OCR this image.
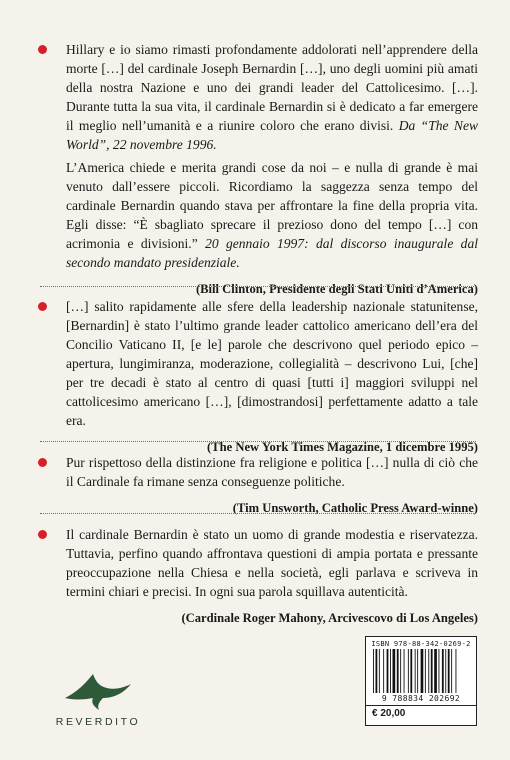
Hillary e io siamo rimasti profondamente addolorati nell’apprendere della morte […] del cardinale Joseph Bernardin […], uno degli uomini più amati della nostra Nazione e uno dei grandi leader del Cattolicesimo. […]. Durante tutta la sua vita, il cardinale Bernardin si è dedicato a far emergere il meglio nell’umanità e a riunire coloro che erano divisi. Da “The New World”, 22 novembre 1996.

L’America chiede e merita grandi cose da noi – e nulla di grande è mai venuto dall’essere piccoli. Ricordiamo la saggezza senza tempo del cardinale Bernardin quando stava per affrontare la fine della propria vita. Egli disse: “È sbagliato sprecare il prezioso dono del tempo […] con acrimonia e divisioni.” 20 gennaio 1997: dal discorso inaugurale dal secondo mandato presidenziale.

(Bill Clinton, Presidente degli Stati Uniti d’America)

[…] salito rapidamente alle sfere della leadership nazionale statunitense, [Bernardin] è stato l’ultimo grande leader cattolico americano dell’era del Concilio Vaticano II, [e le] parole che descrivono quel periodo epico – apertura, lungimiranza, moderazione, collegialità – descrivono Lui, [che] per tre decadi è stato al centro di quasi [tutti i] maggiori sviluppi nel cattolicesimo americano […], [dimostrandosi] perfettamente adatto a tale era.

(The New York Times Magazine, 1 dicembre 1995)

Pur rispettoso della distinzione fra religione e politica […] nulla di ciò che il Cardinale fa rimane senza conseguenze politiche.

(Tim Unsworth, Catholic Press Award-winne)

Il cardinale Bernardin è stato un uomo di grande modestia e riservatezza. Tuttavia, perfino quando affrontava questioni di ampia portata e pressante preoccupazione nella Chiesa e nella società, egli parlava e scriveva in termini chiari e precisi. In ogni sua parola squillava autenticità.

(Cardinale Roger Mahony, Arcivescovo di Los Angeles)
REVERDITO
ISBN 978-88-342-0269-2
9 788834 202692
€ 20,00
